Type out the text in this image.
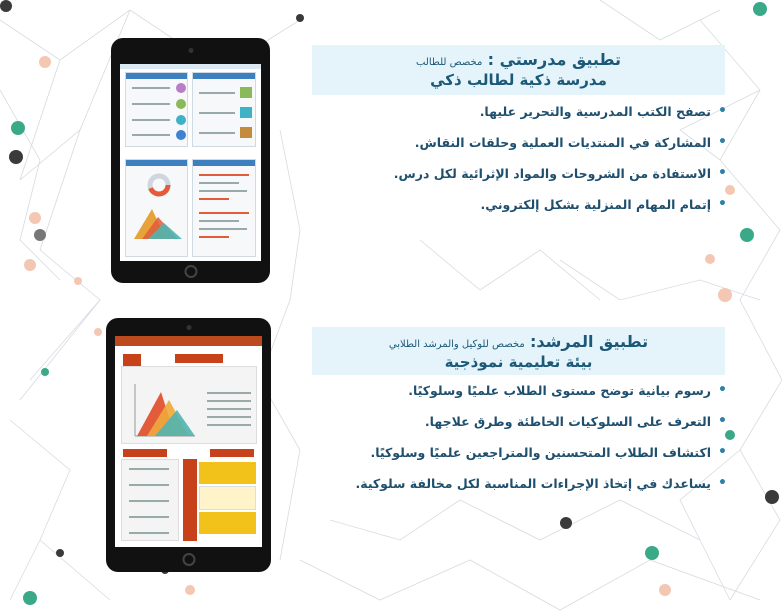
تطبيق مدرستي : مخصص للطالب
مدرسة ذكية لطالب ذكي
• تصفح الكتب المدرسية والتحرير عليها.
• المشاركة في المنتديات العملية وحلقات النقاش.
• الاستفادة من الشروحات والمواد الإثرائية لكل درس.
• إتمام المهام المنزلية بشكل إلكتروني.
تطبيق المرشد: مخصص للوكيل والمرشد الطلابي
بيئة تعليمية نموذجية
• رسوم بيانية توضح مستوى الطلاب علميًا وسلوكيًا.
• التعرف على السلوكيات الخاطئة وطرق علاجها.
• اكتشاف الطلاب المتحسنين والمتراجعين علميًا وسلوكيًا.
• يساعدك في إتخاذ الإجراءات المناسبة لكل مخالفة سلوكية.
